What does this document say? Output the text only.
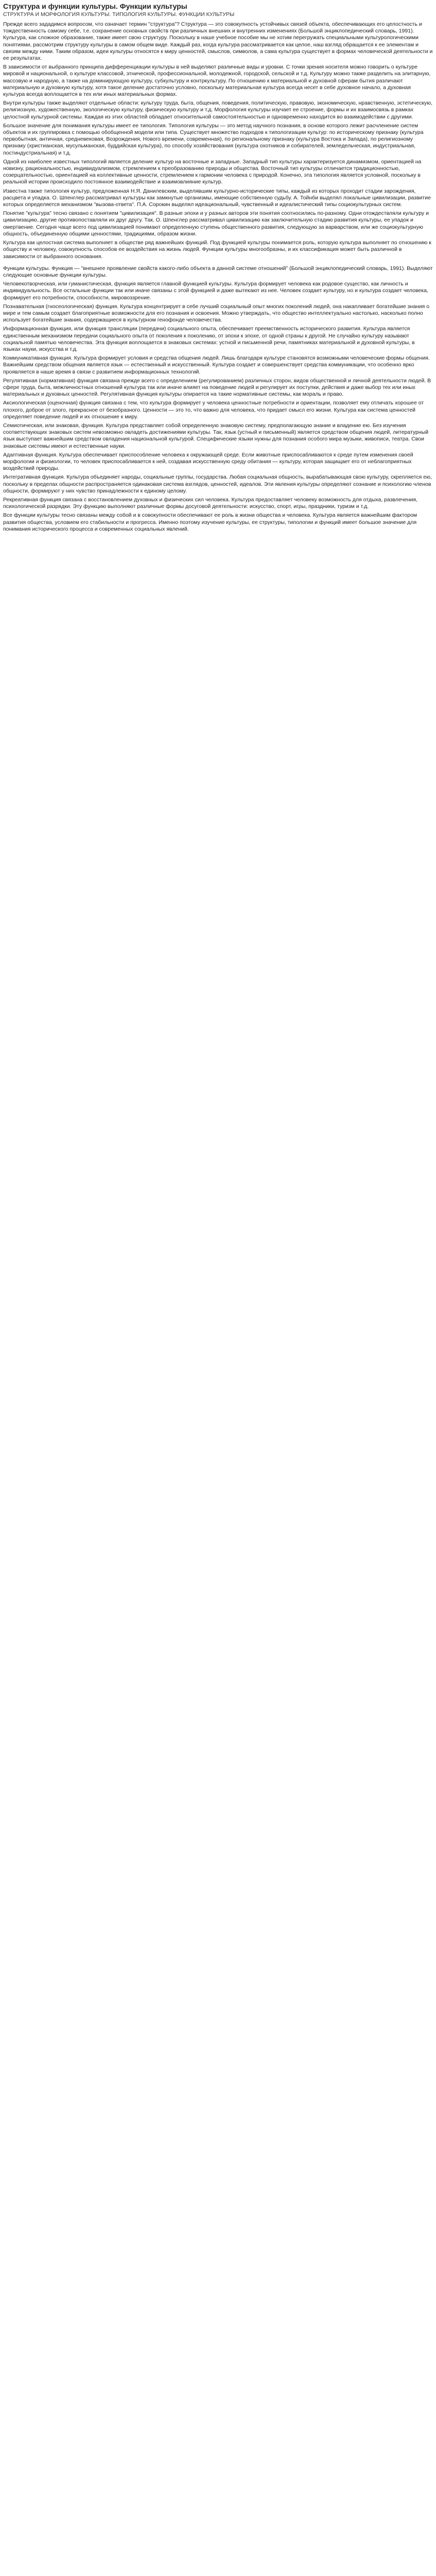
Структура и функции культуры. Функции культуры
СТРУКТУРА И МОРФОЛОГИЯ КУЛЬТУРЫ. ТИПОЛОГИЯ КУЛЬТУРЫ. ФУНКЦИИ КУЛЬТУРЫ

Прежде всего зададимся вопросом, что означает термин "структура"? Структура — это совокупность устойчивых связей объекта, обеспечивающих его целостность и тождественность самому себе, т.е. сохранение основных свойств при различных внешних и внутренних изменениях (Большой энциклопедический словарь, 1991). Культура, как сложное образование, также имеет свою структуру. Поскольку в наше учебное пособие мы не хотим перегружать специальными культурологическими понятиями, рассмотрим структуру культуры в самом общем виде. Каждый раз, когда культура рассматривается как целое, наш взгляд обращается к ее элементам и связям между ними. Таким образом, идеи культуры относятся к миру ценностей, смыслов, символов, а сама культура существует в формах человеческой деятельности и ее результатах.

В зависимости от выбранного принципа дифференциации культуры в ней выделяют различные виды и уровни. С точки зрения носителя можно говорить о культуре мировой и национальной, о культуре классовой, этнической, профессиональной, молодежной, городской, сельской и т.д. Культуру можно также разделить на элитарную, массовую и народную, а также на доминирующую культуру, субкультуру и контркультуру. По отношению к материальной и духовной сферам бытия различают материальную и духовную культуру, хотя такое деление достаточно условно, поскольку материальная культура всегда несет в себе духовное начало, а духовная культура всегда воплощается в тех или иных материальных формах.

Внутри культуры также выделяют отдельные области: культуру труда, быта, общения, поведения, политическую, правовую, экономическую, нравственную, эстетическую, религиозную, художественную, экологическую культуру, физическую культуру и т.д. Морфология культуры изучает ее строение, формы и их взаимосвязь в рамках целостной культурной системы. Каждая из этих областей обладает относительной самостоятельностью и одновременно находится во взаимодействии с другими.

Большое значение для понимания культуры имеет ее типология. Типология культуры — это метод научного познания, в основе которого лежит расчленение систем объектов и их группировка с помощью обобщенной модели или типа. Существует множество подходов к типологизации культур: по историческому признаку (культура первобытная, античная, средневековая, Возрождения, Нового времени, современная), по региональному признаку (культура Востока и Запада), по религиозному признаку (христианская, мусульманская, буддийская культура), по способу хозяйствования (культура охотников и собирателей, земледельческая, индустриальная, постиндустриальная) и т.д.

Одной из наиболее известных типологий является деление культур на восточные и западные. Западный тип культуры характеризуется динамизмом, ориентацией на новизну, рациональностью, индивидуализмом, стремлением к преобразованию природы и общества. Восточный тип культуры отличается традиционностью, созерцательностью, ориентацией на коллективные ценности, стремлением к гармонии человека с природой. Конечно, эта типология является условной, поскольку в реальной истории происходило постоянное взаимодействие и взаимовлияние культур.

Известна также типология культур, предложенная Н.Я. Данилевским, выделявшим культурно-исторические типы, каждый из которых проходит стадии зарождения, расцвета и упадка. О. Шпенглер рассматривал культуры как замкнутые организмы, имеющие собственную судьбу. А. Тойнби выделял локальные цивилизации, развитие которых определяется механизмом "вызова-ответа". П.А. Сорокин выделял идеациональный, чувственный и идеалистический типы социокультурных систем.

Понятие "культура" тесно связано с понятием "цивилизация". В разные эпохи и у разных авторов эти понятия соотносились по-разному. Одни отождествляли культуру и цивилизацию, другие противопоставляли их друг другу. Так, О. Шпенглер рассматривал цивилизацию как заключительную стадию развития культуры, ее упадок и омертвение. Сегодня чаще всего под цивилизацией понимают определенную ступень общественного развития, следующую за варварством, или же социокультурную общность, объединенную общими ценностями, традициями, образом жизни.

Культура как целостная система выполняет в обществе ряд важнейших функций. Под функцией культуры понимается роль, которую культура выполняет по отношению к обществу и человеку, совокупность способов ее воздействия на жизнь людей. Функции культуры многообразны, и их классификация может быть различной в зависимости от выбранного основания.

Функции культуры. Функция — "внешнее проявление свойств какого-либо объекта в данной системе отношений" (Большой энциклопедический словарь, 1991). Выделяют следующие основные функции культуры.

Человекотворческая, или гуманистическая, функция является главной функцией культуры. Культура формирует человека как родовое существо, как личность и индивидуальность. Все остальные функции так или иначе связаны с этой функцией и даже вытекают из нее. Человек создает культуру, но и культура создает человека, формирует его потребности, способности, мировоззрение.

Познавательная (гносеологическая) функция. Культура концентрирует в себе лучший социальный опыт многих поколений людей, она накапливает богатейшие знания о мире и тем самым создает благоприятные возможности для его познания и освоения. Можно утверждать, что общество интеллектуально настолько, насколько полно использует богатейшие знания, содержащиеся в культурном генофонде человечества.

Информационная функция, или функция трансляции (передачи) социального опыта, обеспечивает преемственность исторического развития. Культура является единственным механизмом передачи социального опыта от поколения к поколению, от эпохи к эпохе, от одной страны к другой. Не случайно культуру называют социальной памятью человечества. Эта функция воплощается в знаковых системах: устной и письменной речи, памятниках материальной и духовной культуры, в языках науки, искусства и т.д.

Коммуникативная функция. Культура формирует условия и средства общения людей. Лишь благодаря культуре становятся возможными человеческие формы общения. Важнейшим средством общения является язык — естественный и искусственный. Культура создает и совершенствует средства коммуникации, что особенно ярко проявляется в наше время в связи с развитием информационных технологий.

Регулятивная (нормативная) функция связана прежде всего с определением (регулированием) различных сторон, видов общественной и личной деятельности людей. В сфере труда, быта, межличностных отношений культура так или иначе влияет на поведение людей и регулирует их поступки, действия и даже выбор тех или иных материальных и духовных ценностей. Регулятивная функция культуры опирается на такие нормативные системы, как мораль и право.

Аксиологическая (оценочная) функция связана с тем, что культура формирует у человека ценностные потребности и ориентации, позволяет ему отличать хорошее от плохого, доброе от злого, прекрасное от безобразного. Ценности — это то, что важно для человека, что придает смысл его жизни. Культура как система ценностей определяет поведение людей и их отношение к миру.

Семиотическая, или знаковая, функция. Культура представляет собой определенную знаковую систему, предполагающую знание и владение ею. Без изучения соответствующих знаковых систем невозможно овладеть достижениями культуры. Так, язык (устный и письменный) является средством общения людей, литературный язык выступает важнейшим средством овладения национальной культурой. Специфические языки нужны для познания особого мира музыки, живописи, театра. Свои знаковые системы имеют и естественные науки.

Адаптивная функция. Культура обеспечивает приспособление человека к окружающей среде. Если животные приспосабливаются к среде путем изменения своей морфологии и физиологии, то человек приспосабливается к ней, создавая искусственную среду обитания — культуру, которая защищает его от неблагоприятных воздействий природы.

Интегративная функция. Культура объединяет народы, социальные группы, государства. Любая социальная общность, вырабатывающая свою культуру, скрепляется ею, поскольку в пределах общности распространяется одинаковая система взглядов, ценностей, идеалов. Эти явления культуры определяют сознание и психологию членов общности, формируют у них чувство принадлежности к единому целому.

Рекреативная функция связана с восстановлением духовных и физических сил человека. Культура предоставляет человеку возможность для отдыха, развлечения, психологической разрядки. Эту функцию выполняют различные формы досуговой деятельности: искусство, спорт, игры, праздники, туризм и т.д.

Все функции культуры тесно связаны между собой и в совокупности обеспечивают ее роль в жизни общества и человека. Культура является важнейшим фактором развития общества, условием его стабильности и прогресса. Именно поэтому изучение культуры, ее структуры, типологии и функций имеет большое значение для понимания исторического процесса и современных социальных явлений.
